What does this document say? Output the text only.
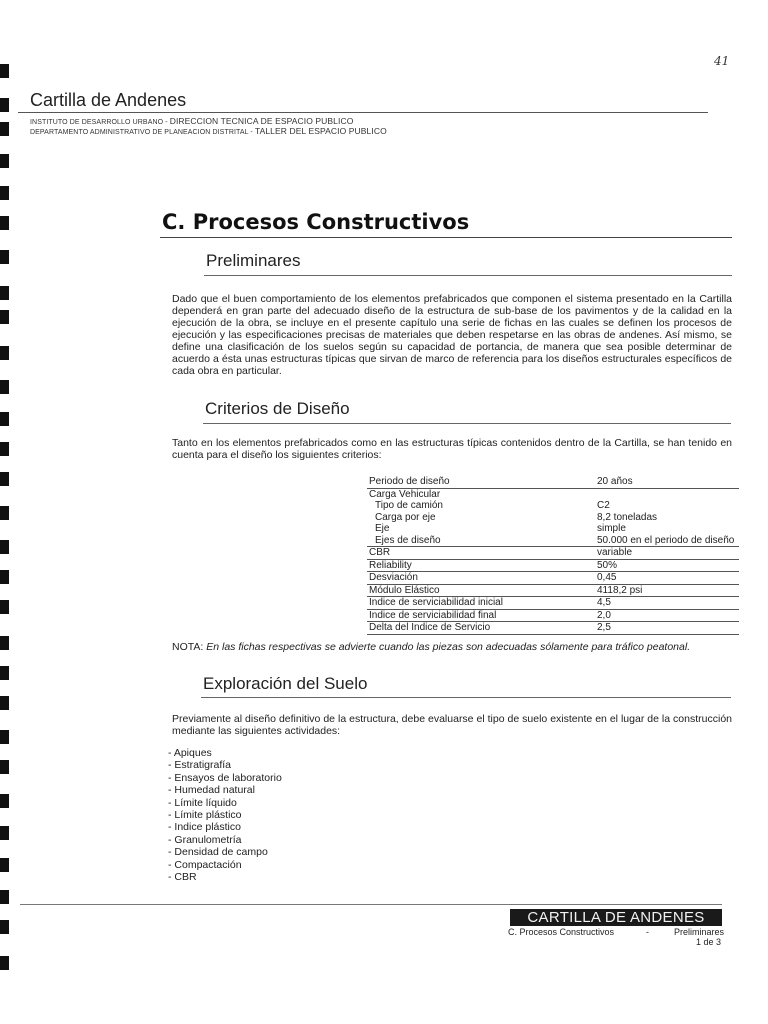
41
Cartilla de Andenes
INSTITUTO DE DESARROLLO URBANO - DIRECCION TECNICA DE ESPACIO PUBLICO
DEPARTAMENTO ADMINISTRATIVO DE PLANEACION DISTRITAL - TALLER DEL ESPACIO PUBLICO
C. Procesos Constructivos
Preliminares
Dado que el buen comportamiento de los elementos prefabricados que componen el sistema presentado en la Cartilla dependerá en gran parte del adecuado diseño de la estructura de sub-base de los pavimentos y de la calidad en la ejecución de la obra, se incluye en el presente capítulo una serie de fichas en las cuales se definen los procesos de ejecución y las especificaciones precisas de materiales que deben respetarse en las obras de andenes. Así mismo, se define una clasificación de los suelos según su capacidad de portancia, de manera que sea posible determinar de acuerdo a ésta unas estructuras típicas que sirvan de marco de referencia para los diseños estructurales específicos de cada obra en particular.
Criterios de Diseño
Tanto en los elementos prefabricados como en las estructuras típicas contenidos dentro de la Cartilla, se han tenido en cuenta para el diseño los siguientes criterios:
Periodo de diseño	20 años
Carga Vehicular	
Tipo de camión	C2
Carga por eje	8,2 toneladas
Eje	simple
Ejes de diseño	50.000 en el periodo de diseño
CBR	variable
Reliability	50%
Desviación	0,45
Módulo Elástico	4118,2 psi
Indice de serviciabilidad inicial	4,5
Indice de serviciabilidad final	2,0
Delta del Indice de Servicio	2,5
NOTA: En las fichas respectivas se advierte cuando las piezas son adecuadas sólamente para tráfico peatonal.
Exploración del Suelo
Previamente al diseño definitivo de la estructura, debe evaluarse el tipo de suelo existente en el lugar de la construcción mediante las siguientes actividades:
- Apiques
- Estratigrafía
- Ensayos de laboratorio
- Humedad natural
- Límite líquido
- Límite plástico
- Indice plástico
- Granulometría
- Densidad de campo
- Compactación
- CBR
CARTILLA DE ANDENES
C. Procesos Constructivos	-	Preliminares
1 de 3
